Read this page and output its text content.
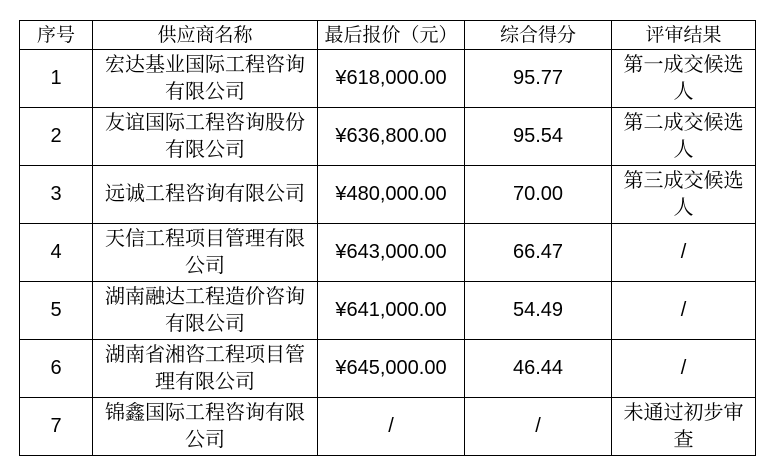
序号	供应商名称	最后报价（元）	综合得分	评审结果
1	宏达基业国际工程咨询有限公司	¥618,000.00	95.77	第一成交候选人
2	友谊国际工程咨询股份有限公司	¥636,800.00	95.54	第二成交候选人
3	远诚工程咨询有限公司	¥480,000.00	70.00	第三成交候选人
4	天信工程项目管理有限公司	¥643,000.00	66.47	/
5	湖南融达工程造价咨询有限公司	¥641,000.00	54.49	/
6	湖南省湘咨工程项目管理有限公司	¥645,000.00	46.44	/
7	锦鑫国际工程咨询有限公司	/	/	未通过初步审查
